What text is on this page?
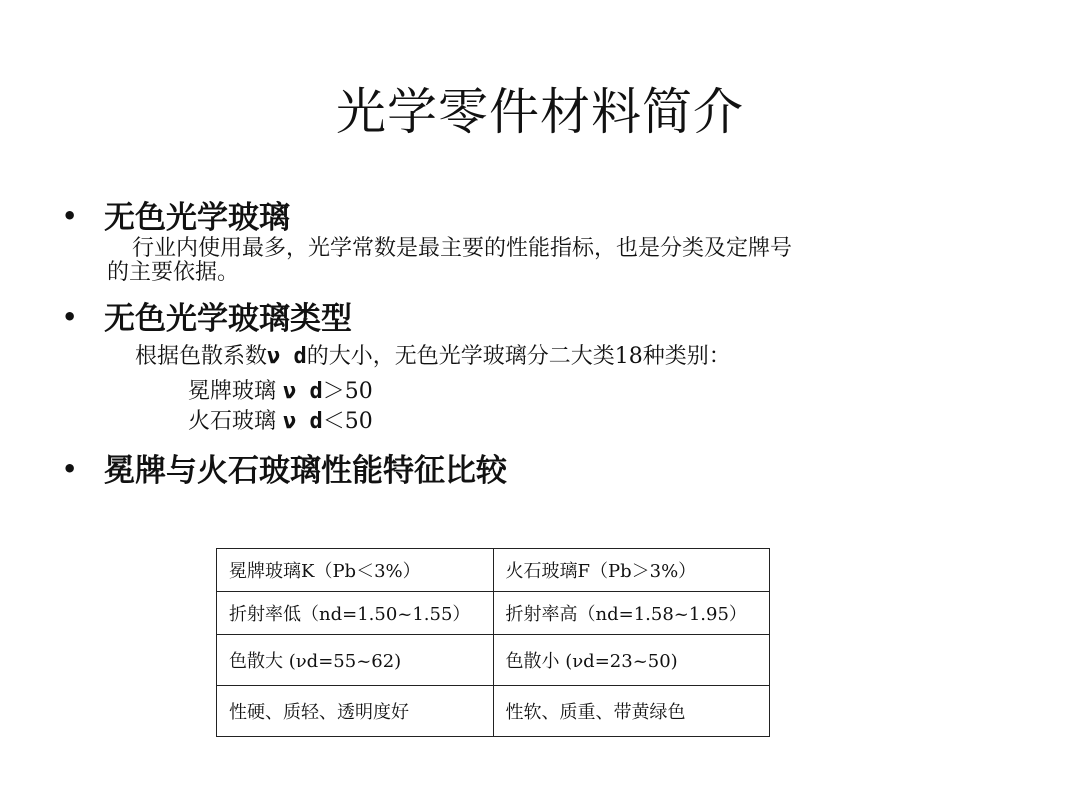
光学零件材料简介
• 无色光学玻璃
行业内使用最多，光学常数是最主要的性能指标，也是分类及定牌号
的主要依据。
• 无色光学玻璃类型
根据色散系数ν d的大小，无色光学玻璃分二大类18种类别：
冕牌玻璃 ν d＞50
火石玻璃 ν d＜50
• 冕牌与火石玻璃性能特征比较
冕牌玻璃K（Pb＜3%）	火石玻璃F（Pb＞3%）
折射率低（nd=1.50~1.55）	折射率高（nd=1.58~1.95）
色散大 (νd=55~62)	色散小 (νd=23~50)
性硬、质轻、透明度好	性软、质重、带黄绿色
